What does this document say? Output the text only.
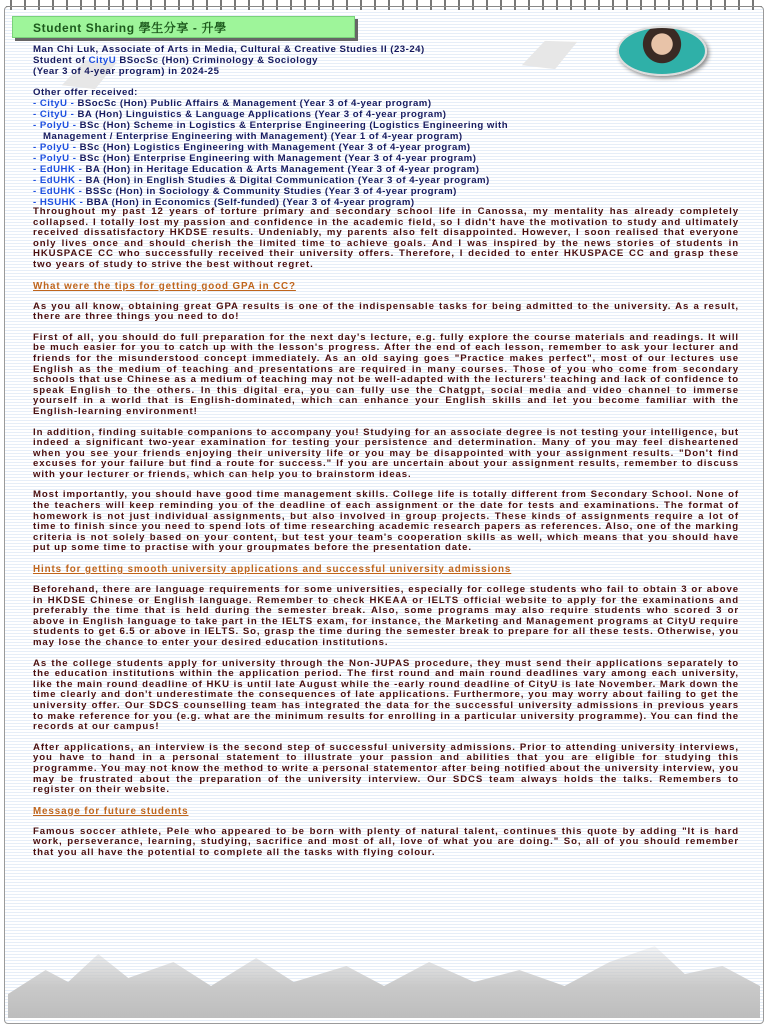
Student Sharing 學生分享 - 升學
Man Chi Luk, Associate of Arts in Media, Cultural & Creative Studies II (23-24)
Student of CityU BSocSc (Hon) Criminology & Sociology
(Year 3 of 4-year program) in 2024-25
Other offer received:
- CityU - BSocSc (Hon) Public Affairs & Management (Year 3 of 4-year program)
- CityU - BA (Hon) Linguistics & Language Applications (Year 3 of 4-year program)
- PolyU - BSc (Hon) Scheme in Logistics & Enterprise Engineering (Logistics Engineering with
Management / Enterprise Engineering with Management) (Year 1 of 4-year program)
- PolyU - BSc (Hon) Logistics Engineering with Management (Year 3 of 4-year program)
- PolyU - BSc (Hon) Enterprise Engineering with Management (Year 3 of 4-year program)
- EdUHK - BA (Hon) in Heritage Education & Arts Management (Year 3 of 4-year program)
- EdUHK - BA (Hon) in English Studies & Digital Communication (Year 3 of 4-year program)
- EdUHK - BSSc (Hon) in Sociology & Community Studies (Year 3 of 4-year program)
- HSUHK - BBA (Hon) in Economics (Self-funded) (Year 3 of 4-year program)

Throughout my past 12 years of torture primary and secondary school life in Canossa, my mentality has already completely collapsed. I totally lost my passion and confidence in the academic field, so I didn't have the motivation to study and ultimately received dissatisfactory HKDSE results. Undeniably, my parents also felt disappointed. However, I soon realised that everyone only lives once and should cherish the limited time to achieve goals. And I was inspired by the news stories of students in HKUSPACE CC who successfully received their university offers. Therefore, I decided to enter HKUSPACE CC and grasp these two years of study to strive the best without regret.

What were the tips for getting good GPA in CC?

As you all know, obtaining great GPA results is one of the indispensable tasks for being admitted to the university. As a result, there are three things you need to do!

First of all, you should do full preparation for the next day's lecture, e.g. fully explore the course materials and readings. It will be much easier for you to catch up with the lesson's progress. After the end of each lesson, remember to ask your lecturer and friends for the misunderstood concept immediately. As an old saying goes "Practice makes perfect", most of our lectures use English as the medium of teaching and presentations are required in many courses. Those of you who come from secondary schools that use Chinese as a medium of teaching may not be well-adapted with the lecturers' teaching and lack of confidence to speak English to the others. In this digital era, you can fully use the Chatgpt, social media and video channel to immerse yourself in a world that is English-dominated, which can enhance your English skills and let you become familiar with the English-learning environment!

In addition, finding suitable companions to accompany you! Studying for an associate degree is not testing your intelligence, but indeed a significant two-year examination for testing your persistence and determination. Many of you may feel disheartened when you see your friends enjoying their university life or you may be disappointed with your assignment results. "Don't find excuses for your failure but find a route for success." If you are uncertain about your assignment results, remember to discuss with your lecturer or friends, which can help you to brainstorm ideas.

Most importantly, you should have good time management skills. College life is totally different from Secondary School. None of the teachers will keep reminding you of the deadline of each assignment or the date for tests and examinations. The format of homework is not just individual assignments, but also involved in group projects. These kinds of assignments require a lot of time to finish since you need to spend lots of time researching academic research papers as references. Also, one of the marking criteria is not solely based on your content, but test your team's cooperation skills as well, which means that you should have put up some time to practise with your groupmates before the presentation date.

Hints for getting smooth university applications and successful university admissions

Beforehand, there are language requirements for some universities, especially for college students who fail to obtain 3 or above in HKDSE Chinese or English language. Remember to check HKEAA or IELTS official website to apply for the examinations and preferably the time that is held during the semester break. Also, some programs may also require students who scored 3 or above in English language to take part in the IELTS exam, for instance, the Marketing and Management programs at CityU require students to get 6.5 or above in IELTS. So, grasp the time during the semester break to prepare for all these tests. Otherwise, you may lose the chance to enter your desired education institutions.

As the college students apply for university through the Non-JUPAS procedure, they must send their applications separately to the education institutions within the application period. The first round and main round deadlines vary among each university, like the main round deadline of HKU is until late August while the -early round deadline of CityU is late November. Mark down the time clearly and don't underestimate the consequences of late applications. Furthermore, you may worry about failing to get the university offer. Our SDCS counselling team has integrated the data for the successful university admissions in previous years to make reference for you (e.g. what are the minimum results for enrolling in a particular university programme). You can find the records at our campus!

After applications, an interview is the second step of successful university admissions. Prior to attending university interviews, you have to hand in a personal statement to illustrate your passion and abilities that you are eligible for studying this programme. You may not know the method to write a personal statementor after being notified about the university interview, you may be frustrated about the preparation of the university interview. Our SDCS team always holds the talks. Remembers to register on their website.

Message for future students

Famous soccer athlete, Pele who appeared to be born with plenty of natural talent, continues this quote by adding "It is hard work, perseverance, learning, studying, sacrifice and most of all, love of what you are doing." So, all of you should remember that you all have the potential to complete all the tasks with flying colour.
